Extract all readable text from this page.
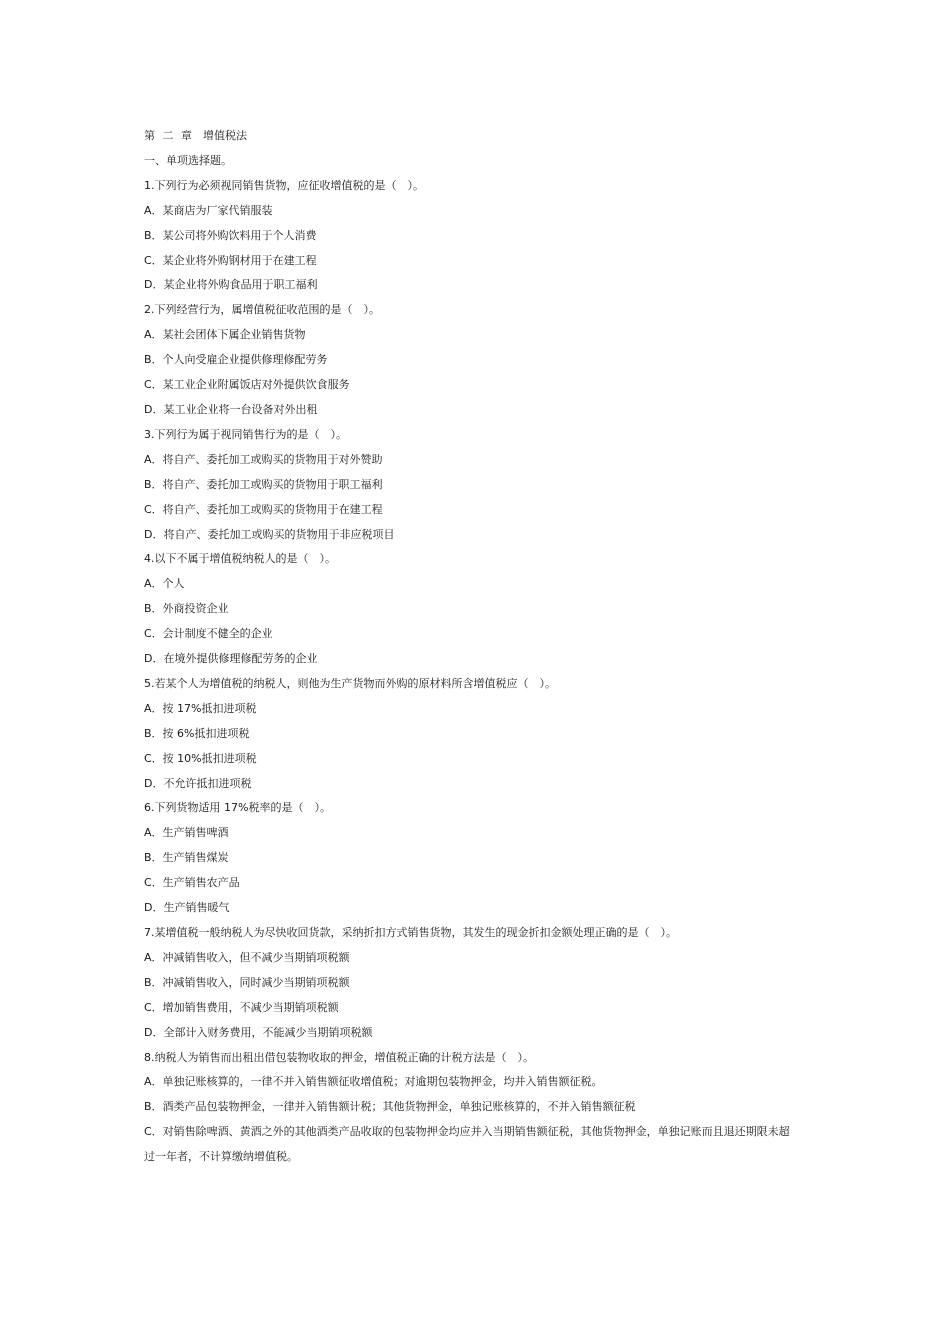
第 二 章　增值税法
一、单项选择题。
1.下列行为必须视同销售货物，应征收增值税的是（　）。
A．某商店为厂家代销服装
B．某公司将外购饮料用于个人消费
C．某企业将外购钢材用于在建工程
D．某企业将外购食品用于职工福利
2.下列经营行为，属增值税征收范围的是（　）。
A．某社会团体下属企业销售货物
B．个人向受雇企业提供修理修配劳务
C．某工业企业附属饭店对外提供饮食服务
D．某工业企业将一台设备对外出租
3.下列行为属于视同销售行为的是（　）。
A．将自产、委托加工或购买的货物用于对外赞助
B．将自产、委托加工或购买的货物用于职工福利
C．将自产、委托加工或购买的货物用于在建工程
D．将自产、委托加工或购买的货物用于非应税项目
4.以下不属于增值税纳税人的是（　）。
A．个人
B．外商投资企业
C．会计制度不健全的企业
D．在境外提供修理修配劳务的企业
5.若某个人为增值税的纳税人，则他为生产货物而外购的原材料所含增值税应（　）。
A．按 17%抵扣进项税
B．按 6%抵扣进项税
C．按 10%抵扣进项税
D．不允许抵扣进项税
6.下列货物适用 17%税率的是（　）。
A．生产销售啤酒
B．生产销售煤炭
C．生产销售农产品
D．生产销售暖气
7.某增值税一般纳税人为尽快收回货款，采纳折扣方式销售货物，其发生的现金折扣金额处理正确的是（　）。
A．冲减销售收入，但不减少当期销项税额
B．冲减销售收入，同时减少当期销项税额
C．增加销售费用，不减少当期销项税额
D．全部计入财务费用，不能减少当期销项税额
8.纳税人为销售而出租出借包装物收取的押金，增值税正确的计税方法是（　）。
A．单独记账核算的，一律不并入销售额征收增值税；对逾期包装物押金，均并入销售额征税。
B．酒类产品包装物押金，一律并入销售额计税；其他货物押金，单独记账核算的，不并入销售额征税
C．对销售除啤酒、黄酒之外的其他酒类产品收取的包装物押金均应并入当期销售额征税，其他货物押金，单独记账而且退还期限未超
过一年者，不计算缴纳增值税。
